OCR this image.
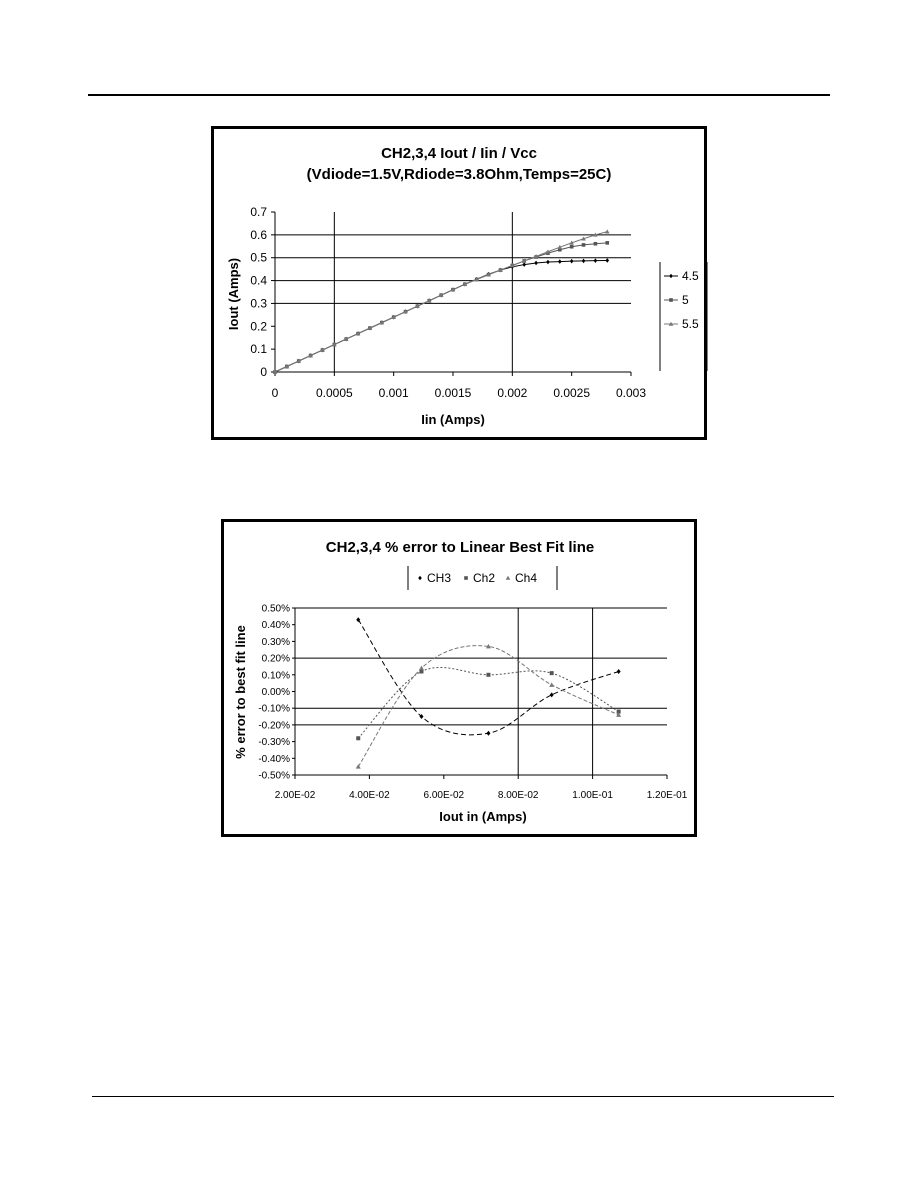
CH2,3,4 Iout / Iin / Vcc
(Vdiode=1.5V,Rdiode=3.8Ohm,Temps=25C)
0
0.1
0.2
0.3
0.4
0.5
0.6
0.7
0	0.0005 0.001 0.0015 0.002 0.0025 0.003
Iin (Amps)
Iout (Amps)	4.5
5
5.5
CH2,3,4 % error to Linear Best Fit line
CH3 Ch2 Ch4
0.50%
0.40%
0.30%
0.20%
0.10%
0.00%
-0.10%
-0.20%
-0.30%
-0.40%
-0.50%
2.00E-02	4.00E-02	6.00E-02	8.00E-02	1.00E-01	1.20E-01
Iout in (Amps)
% error to best fit line
